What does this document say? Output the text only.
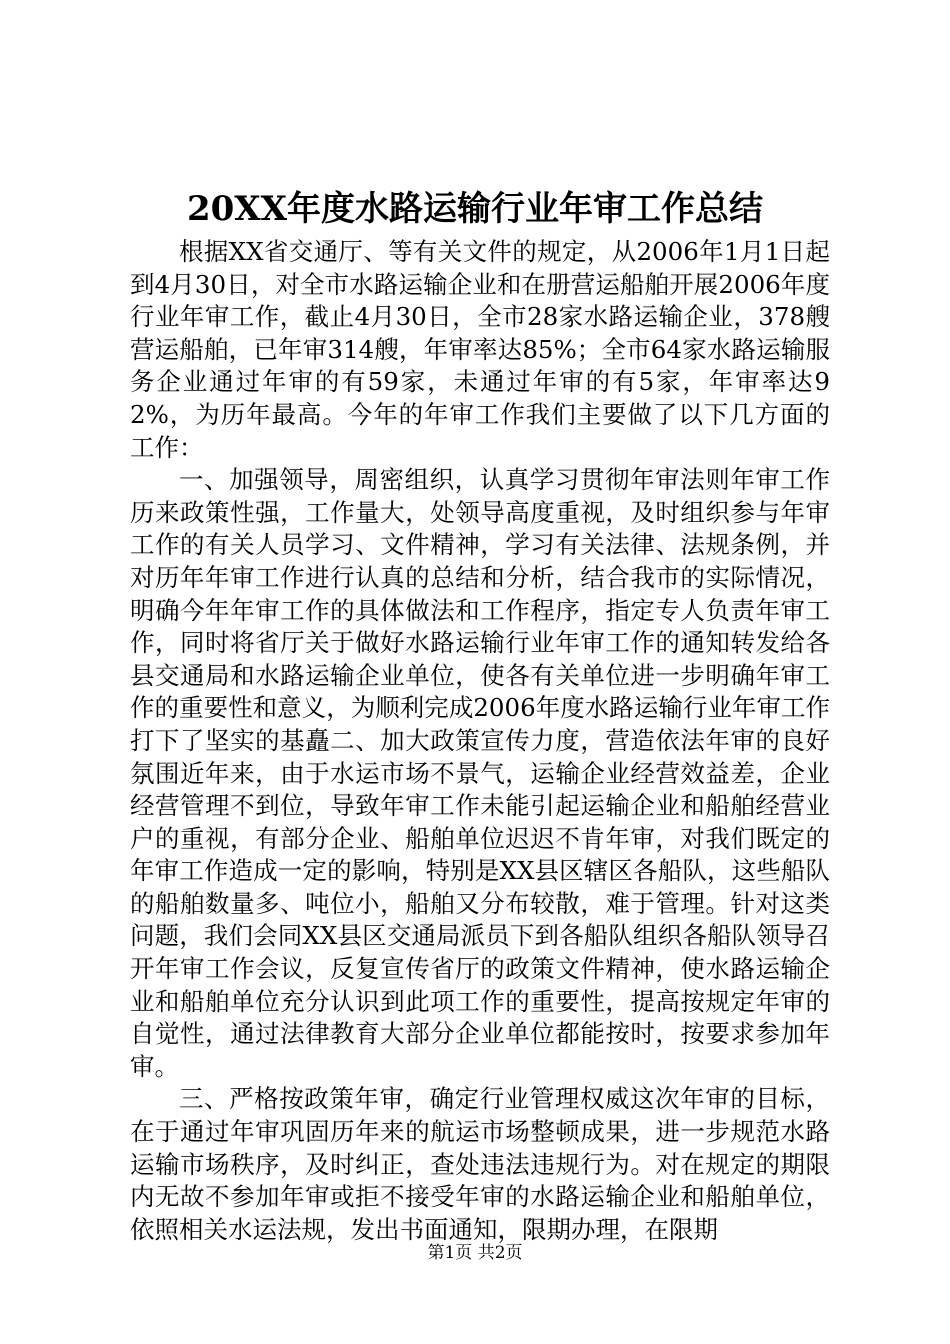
20XX年度水路运输行业年审工作总结

根据XX省交通厅、等有关文件的规定，从2006年1月1日起到4月30日，对全市水路运输企业和在册营运船舶开展2006年度行业年审工作，截止4月30日，全市28家水路运输企业，378艘营运船舶，已年审314艘，年审率达85%；全市64家水路运输服务企业通过年审的有59家，未通过年审的有5家，年审率达92%，为历年最高。今年的年审工作我们主要做了以下几方面的工作：

一、加强领导，周密组织，认真学习贯彻年审法则年审工作历来政策性强，工作量大，处领导高度重视，及时组织参与年审工作的有关人员学习、文件精神，学习有关法律、法规条例，并对历年年审工作进行认真的总结和分析，结合我市的实际情况，明确今年年审工作的具体做法和工作程序，指定专人负责年审工作，同时将省厅关于做好水路运输行业年审工作的通知转发给各县交通局和水路运输企业单位，使各有关单位进一步明确年审工作的重要性和意义，为顺利完成2006年度水路运输行业年审工作打下了坚实的基矗二、加大政策宣传力度，营造依法年审的良好氛围近年来，由于水运市场不景气，运输企业经营效益差，企业经营管理不到位，导致年审工作未能引起运输企业和船舶经营业户的重视，有部分企业、船舶单位迟迟不肯年审，对我们既定的年审工作造成一定的影响，特别是XX县区辖区各船队，这些船队的船舶数量多、吨位小，船舶又分布较散，难于管理。针对这类问题，我们会同XX县区交通局派员下到各船队组织各船队领导召开年审工作会议，反复宣传省厅的政策文件精神，使水路运输企业和船舶单位充分认识到此项工作的重要性，提高按规定年审的自觉性，通过法律教育大部分企业单位都能按时，按要求参加年审。

三、严格按政策年审，确定行业管理权威这次年审的目标，在于通过年审巩固历年来的航运市场整顿成果，进一步规范水路运输市场秩序，及时纠正，查处违法违规行为。对在规定的期限内无故不参加年审或拒不接受年审的水路运输企业和船舶单位，依照相关水运法规，发出书面通知，限期办理，在限期

第1页 共2页
